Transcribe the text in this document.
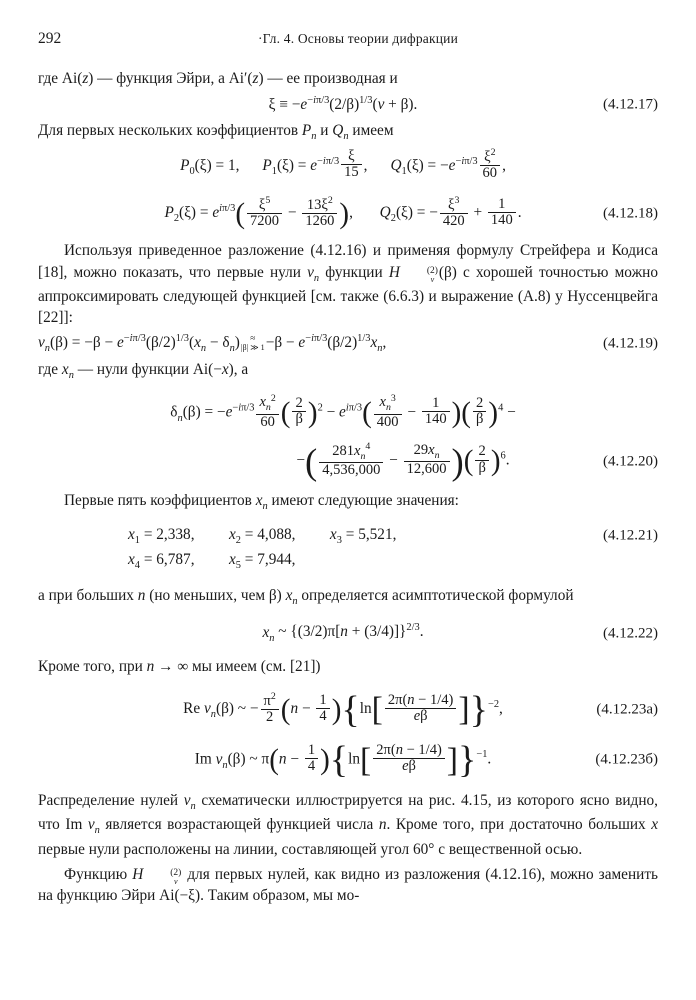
292	·Гл. 4. Основы теории дифракции

где Ai(z) — функция Эйри, а Ai′(z) — ее производная и

$\xi \equiv -e^{-i\pi/3}(2/\beta)^{1/3}(\nu + \beta)$.	(4.12.17)

Для первых нескольких коэффициентов $P_n$ и $Q_n$ имеем

$P_0(\xi) = 1$, $P_1(\xi) = e^{-i\pi/3} \frac{\xi}{15}$ , $Q_1(\xi) = -e^{-i\pi/3} \frac{\xi^2}{60}$ ,
$P_2(\xi) = e^{i\pi/3}( \frac{\xi^5}{7200} - \frac{13\xi^2}{1260}$ ), $Q_2(\xi)$ = − $\frac{\xi^3}{420} + \frac{1}{140}$ .	(4.12.18)

Используя приведенное разложение (4.12.16) и применяя формулу Стрейфера и Кодиса [18], можно показать, что первые нули $\nu_n$ функции H	(2)
ν (β) с хорошей точностью можно аппроксимировать следующей функцией [см. также (6.6.3) и выражение (А.8) у Нуссенцвейга [22]]:

$\nu_n(\beta) = -\beta - e^{-i\pi/3}(\beta/2)^{1/3}(x_n - \delta_n)$	≈
|β| ≫ $1 -\beta - e^{-i\pi/3}(\beta/2)^{1/3}x_n$,	(4.12.19)

где $x_n$ — нули функции Ai(−x), а

$\delta_n(\beta) = -e^{-i\pi/3} \frac{x_n^2}{60}$ ( $\frac{2}{\beta} )^2 - e^{i\pi/3}( \frac{x_n^3}{400} - \frac{1}{140}$ )( $\frac{2}{\beta} )^4$ −
−( $\frac{281x_n^4}{4,536,000} - \frac{29x_n}{12,600}$ )( $\frac{2}{\beta} )^6$.	(4.12.20)

Первые пять коэффициентов $x_n$ имеют следующие значения:

$x_1 = 2,338$, $x_2 = 4,088$, $x_3 = 5,521$,	(4.12.21)
$x_4 = 6,787$, $x_5 = 7,944$,

а при больших n (но меньших, чем β) $x_n$ определяется асимптотической формулой

$x_n$ ~ $\{(3/2)\pi[n + (3/4)]\}^{2/3}$.	(4.12.22)

Кроме того, при n → ∞ мы имеем (см. [21])

Re $\nu_n(\beta)$ ~ − $\frac{\pi^2}{2} (n - \frac{1}{4} )\{\ln[ \frac{2\pi(n - 1/4)}{e\beta} ]\}^{-2}$,	(4.12.23а)
Im $\nu_n(\beta)$ ~ $\pi(n - \frac{1}{4} )\{\ln[ \frac{2\pi(n - 1/4)}{e\beta} ]\}^{-1}$.	(4.12.23б)

Распределение нулей $\nu_n$ схематически иллюстрируется на рис. 4.15, из которого ясно видно, что Im $\nu_n$ является возрастающей функцией числа n. Кроме того, при достаточно больших x первые нули расположены на линии, составляющей угол 60° с вещественной осью.

Функцию H	(2)
ν для первых нулей, как видно из разложения (4.12.16), можно заменить на функцию Эйри Ai(−ξ). Таким образом, мы мо-
